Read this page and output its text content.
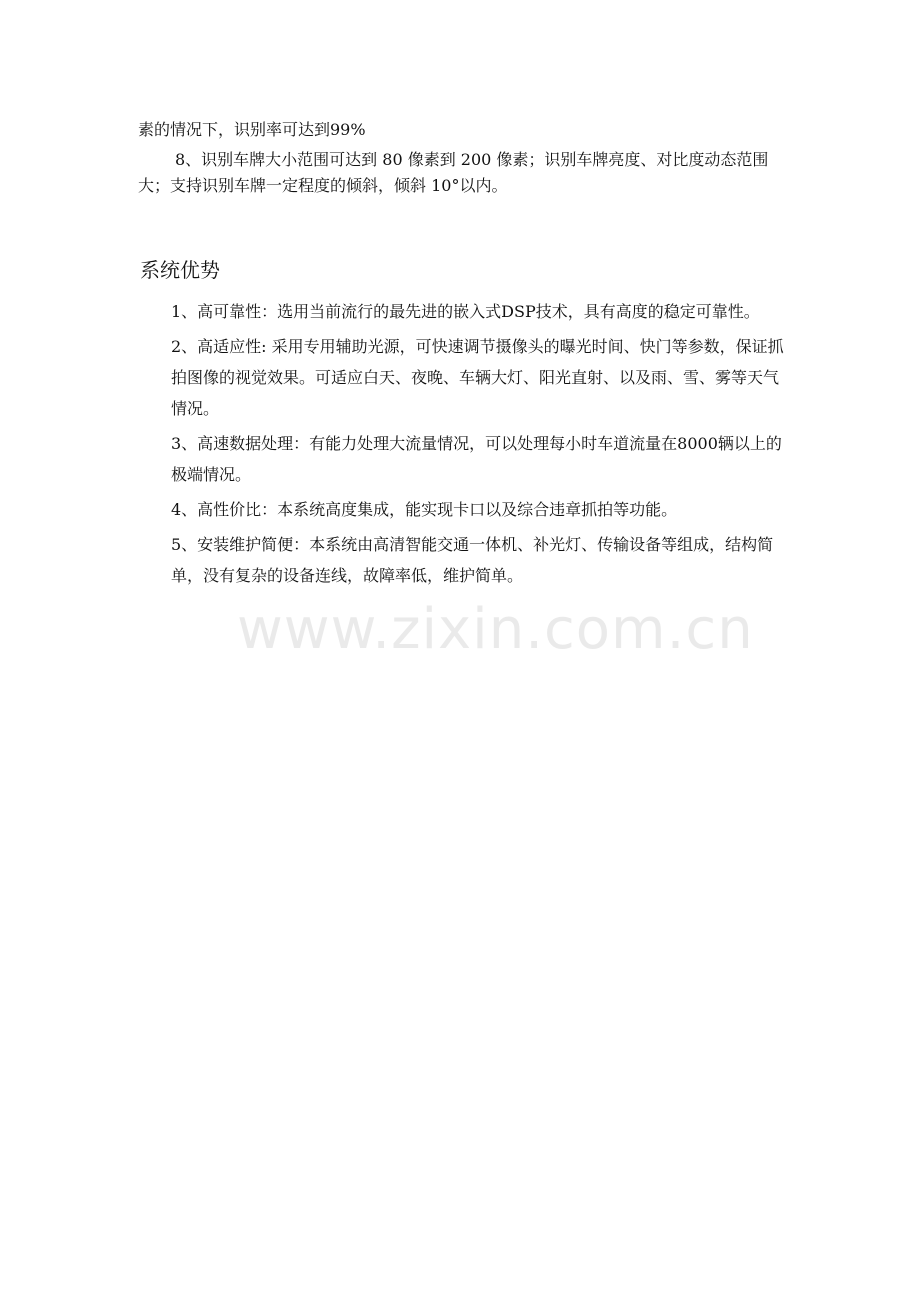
素的情况下，识别率可达到99%

8、识别车牌大小范围可达到 80 像素到 200 像素；识别车牌亮度、对比度动态范围大；支持识别车牌一定程度的倾斜，倾斜 10°以内。

系统优势
1、高可靠性：选用当前流行的最先进的嵌入式DSP技术，具有高度的稳定可靠性。
2、高适应性: 采用专用辅助光源，可快速调节摄像头的曝光时间、快门等参数，保证抓拍图像的视觉效果。可适应白天、夜晚、车辆大灯、阳光直射、以及雨、雪、雾等天气情况。
3、高速数据处理：有能力处理大流量情况，可以处理每小时车道流量在8000辆以上的极端情况。
4、高性价比：本系统高度集成，能实现卡口以及综合违章抓拍等功能。
5、安装维护简便：本系统由高清智能交通一体机、补光灯、传输设备等组成，结构简单，没有复杂的设备连线，故障率低，维护简单。
www.zixin.com.cn
